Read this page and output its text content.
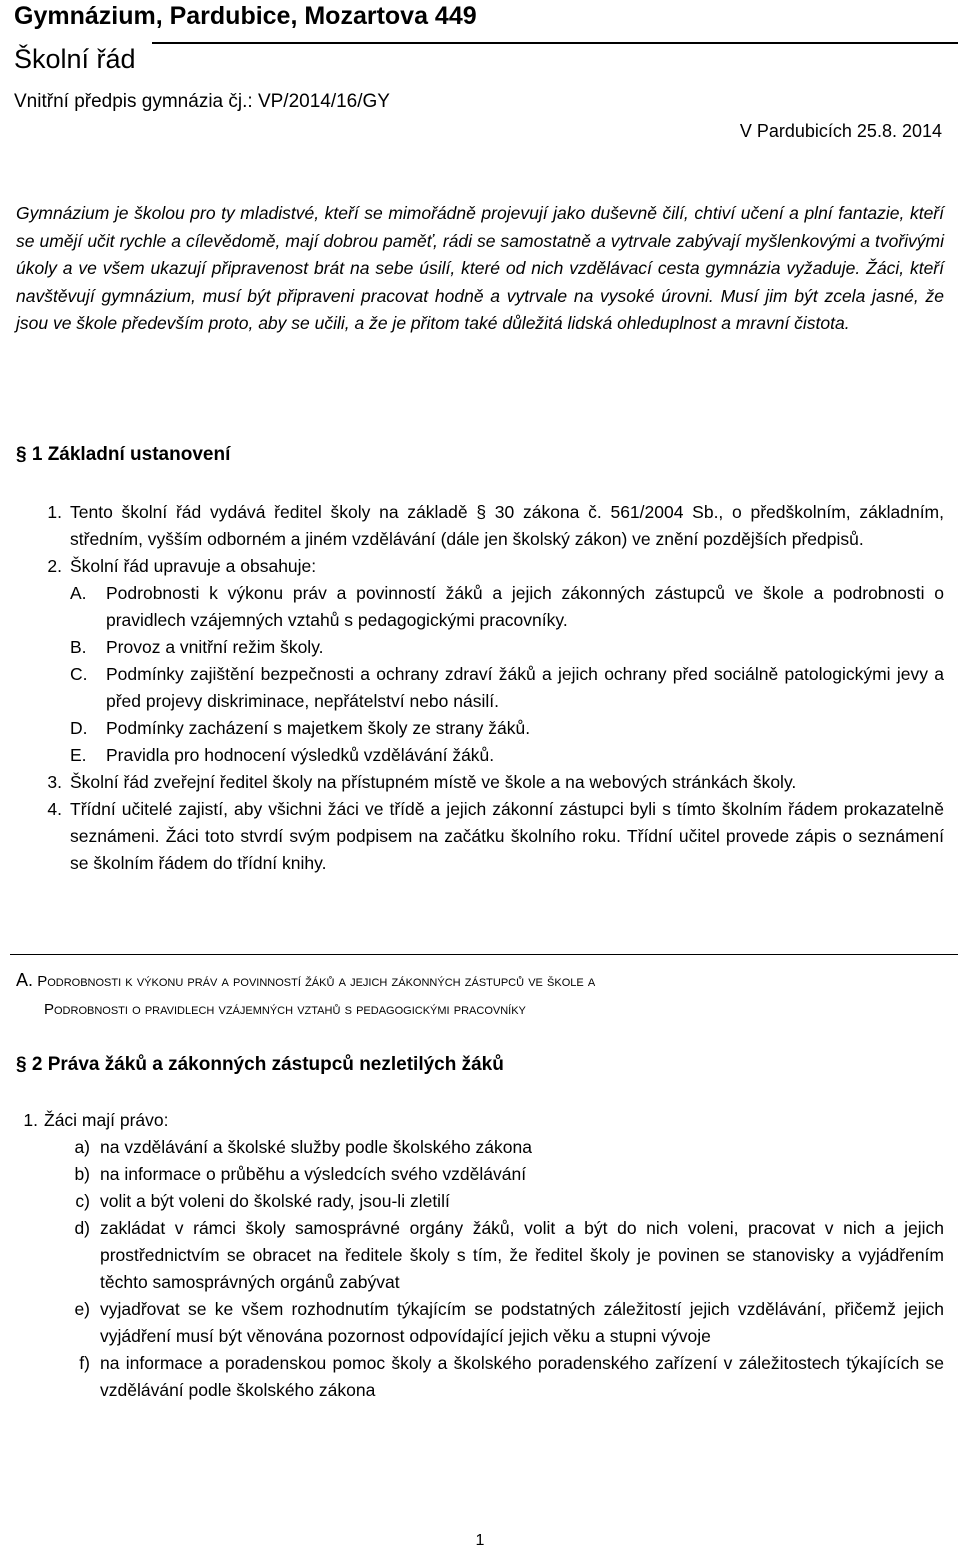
Gymnázium, Pardubice, Mozartova 449
Školní řád
Vnitřní předpis gymnázia čj.: VP/2014/16/GY
V Pardubicích 25.8. 2014
Gymnázium je školou pro ty mladistvé, kteří se mimořádně projevují jako duševně čilí, chtiví učení a plní fantazie, kteří se umějí učit rychle a cílevědomě, mají dobrou paměť, rádi se samostatně a vytrvale zabývají myšlenkovými a tvořivými úkoly a ve všem ukazují připravenost brát na sebe úsilí, které od nich vzdělávací cesta gymnázia vyžaduje. Žáci, kteří navštěvují gymnázium, musí být připraveni pracovat hodně a vytrvale na vysoké úrovni. Musí jim být zcela jasné, že jsou ve škole především proto, aby se učili, a že je přitom také důležitá lidská ohleduplnost a mravní čistota.
§ 1 Základní ustanovení
1. Tento školní řád vydává ředitel školy na základě § 30 zákona č. 561/2004 Sb., o předškolním, základním, středním, vyšším odborném a jiném vzdělávání (dále jen školský zákon) ve znění pozdějších předpisů.
2. Školní řád upravuje a obsahuje:
A.	Podrobnosti k výkonu práv a povinností žáků a jejich zákonných zástupců ve škole a podrobnosti o pravidlech vzájemných vztahů s pedagogickými pracovníky.
B.	Provoz a vnitřní režim školy.
C.	Podmínky zajištění bezpečnosti a ochrany zdraví žáků a jejich ochrany před sociálně patologickými jevy a před projevy diskriminace, nepřátelství nebo násilí.
D.	Podmínky zacházení s majetkem školy ze strany žáků.
E.	Pravidla pro hodnocení výsledků vzdělávání žáků.
3. Školní řád zveřejní ředitel školy na přístupném místě ve škole a na webových stránkách školy.
4. Třídní učitelé zajistí, aby všichni žáci ve třídě a jejich zákonní zástupci byli s tímto školním řádem prokazatelně seznámeni. Žáci toto stvrdí svým podpisem na začátku školního roku. Třídní učitel provede zápis o seznámení se školním řádem do třídní knihy.
A. Podrobnosti k výkonu práv a povinností žáků a jejich zákonných zástupců ve škole a
Podrobnosti o pravidlech vzájemných vztahů s pedagogickými pracovníky
§ 2 Práva žáků a zákonných zástupců nezletilých žáků
1. Žáci mají právo:
a) na vzdělávání a školské služby podle školského zákona
b) na informace o průběhu a výsledcích svého vzdělávání
c) volit a být voleni do školské rady, jsou-li zletilí
d) zakládat v rámci školy samosprávné orgány žáků, volit a být do nich voleni, pracovat v nich a jejich prostřednictvím se obracet na ředitele školy s tím, že ředitel školy je povinen se stanovisky a vyjádřením těchto samosprávných orgánů zabývat
e) vyjadřovat se ke všem rozhodnutím týkajícím se podstatných záležitostí jejich vzdělávání, přičemž jejich vyjádření musí být věnována pozornost odpovídající jejich věku a stupni vývoje
f) na informace a poradenskou pomoc školy a školského poradenského zařízení v záležitostech týkajících se vzdělávání podle školského zákona
1
